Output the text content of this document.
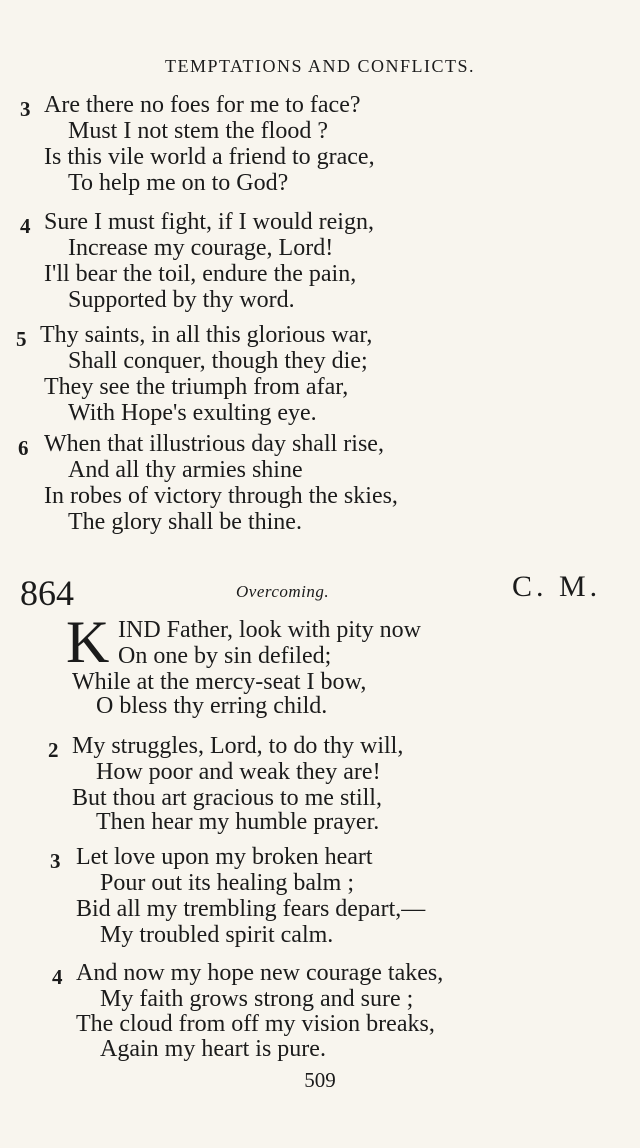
TEMPTATIONS AND CONFLICTS.
3 Are there no foes for me to face?
Must I not stem the flood ?
Is this vile world a friend to grace,
To help me on to God?
4 Sure I must fight, if I would reign,
Increase my courage, Lord!
I'll bear the toil, endure the pain,
Supported by thy word.
5 Thy saints, in all this glorious war,
Shall conquer, though they die;
They see the triumph from afar,
With Hope's exulting eye.
6 When that illustrious day shall rise,
And all thy armies shine
In robes of victory through the skies,
The glory shall be thine.
864	Overcoming.	C. M.
K IND Father, look with pity now
On one by sin defiled;
While at the mercy-seat I bow,
O bless thy erring child.
2 My struggles, Lord, to do thy will,
How poor and weak they are!
But thou art gracious to me still,
Then hear my humble prayer.
3 Let love upon my broken heart
Pour out its healing balm ;
Bid all my trembling fears depart,—
My troubled spirit calm.
4 And now my hope new courage takes,
My faith grows strong and sure ;
The cloud from off my vision breaks,
Again my heart is pure.
509
